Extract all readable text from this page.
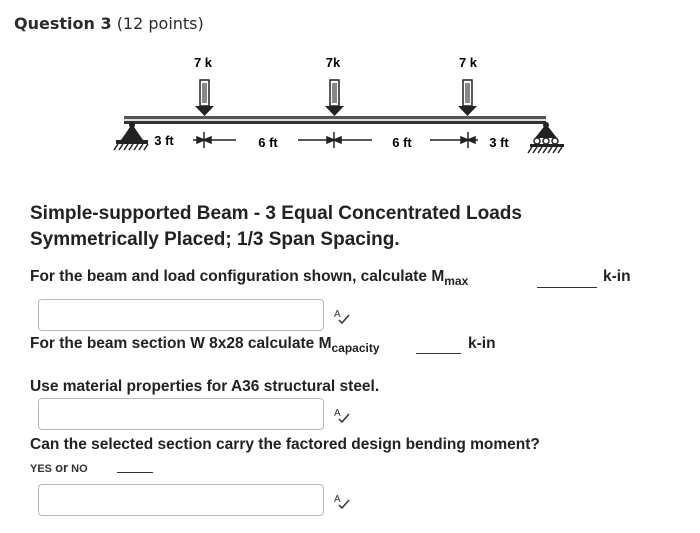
Question 3 (12 points)
7 k	7k	7 k
3 ft	6 ft	6 ft	3 ft
Simple-supported Beam - 3 Equal Concentrated Loads
Symmetrically Placed; 1/3 Span Spacing.
For the beam and load configuration shown, calculate $M_{max}$	k-in
A
For the beam section W 8x28 calculate $M_{capacity}$	k-in
Use material properties for A36 structural steel.
A
Can the selected section carry the factored design bending moment?
YES or NO
A
